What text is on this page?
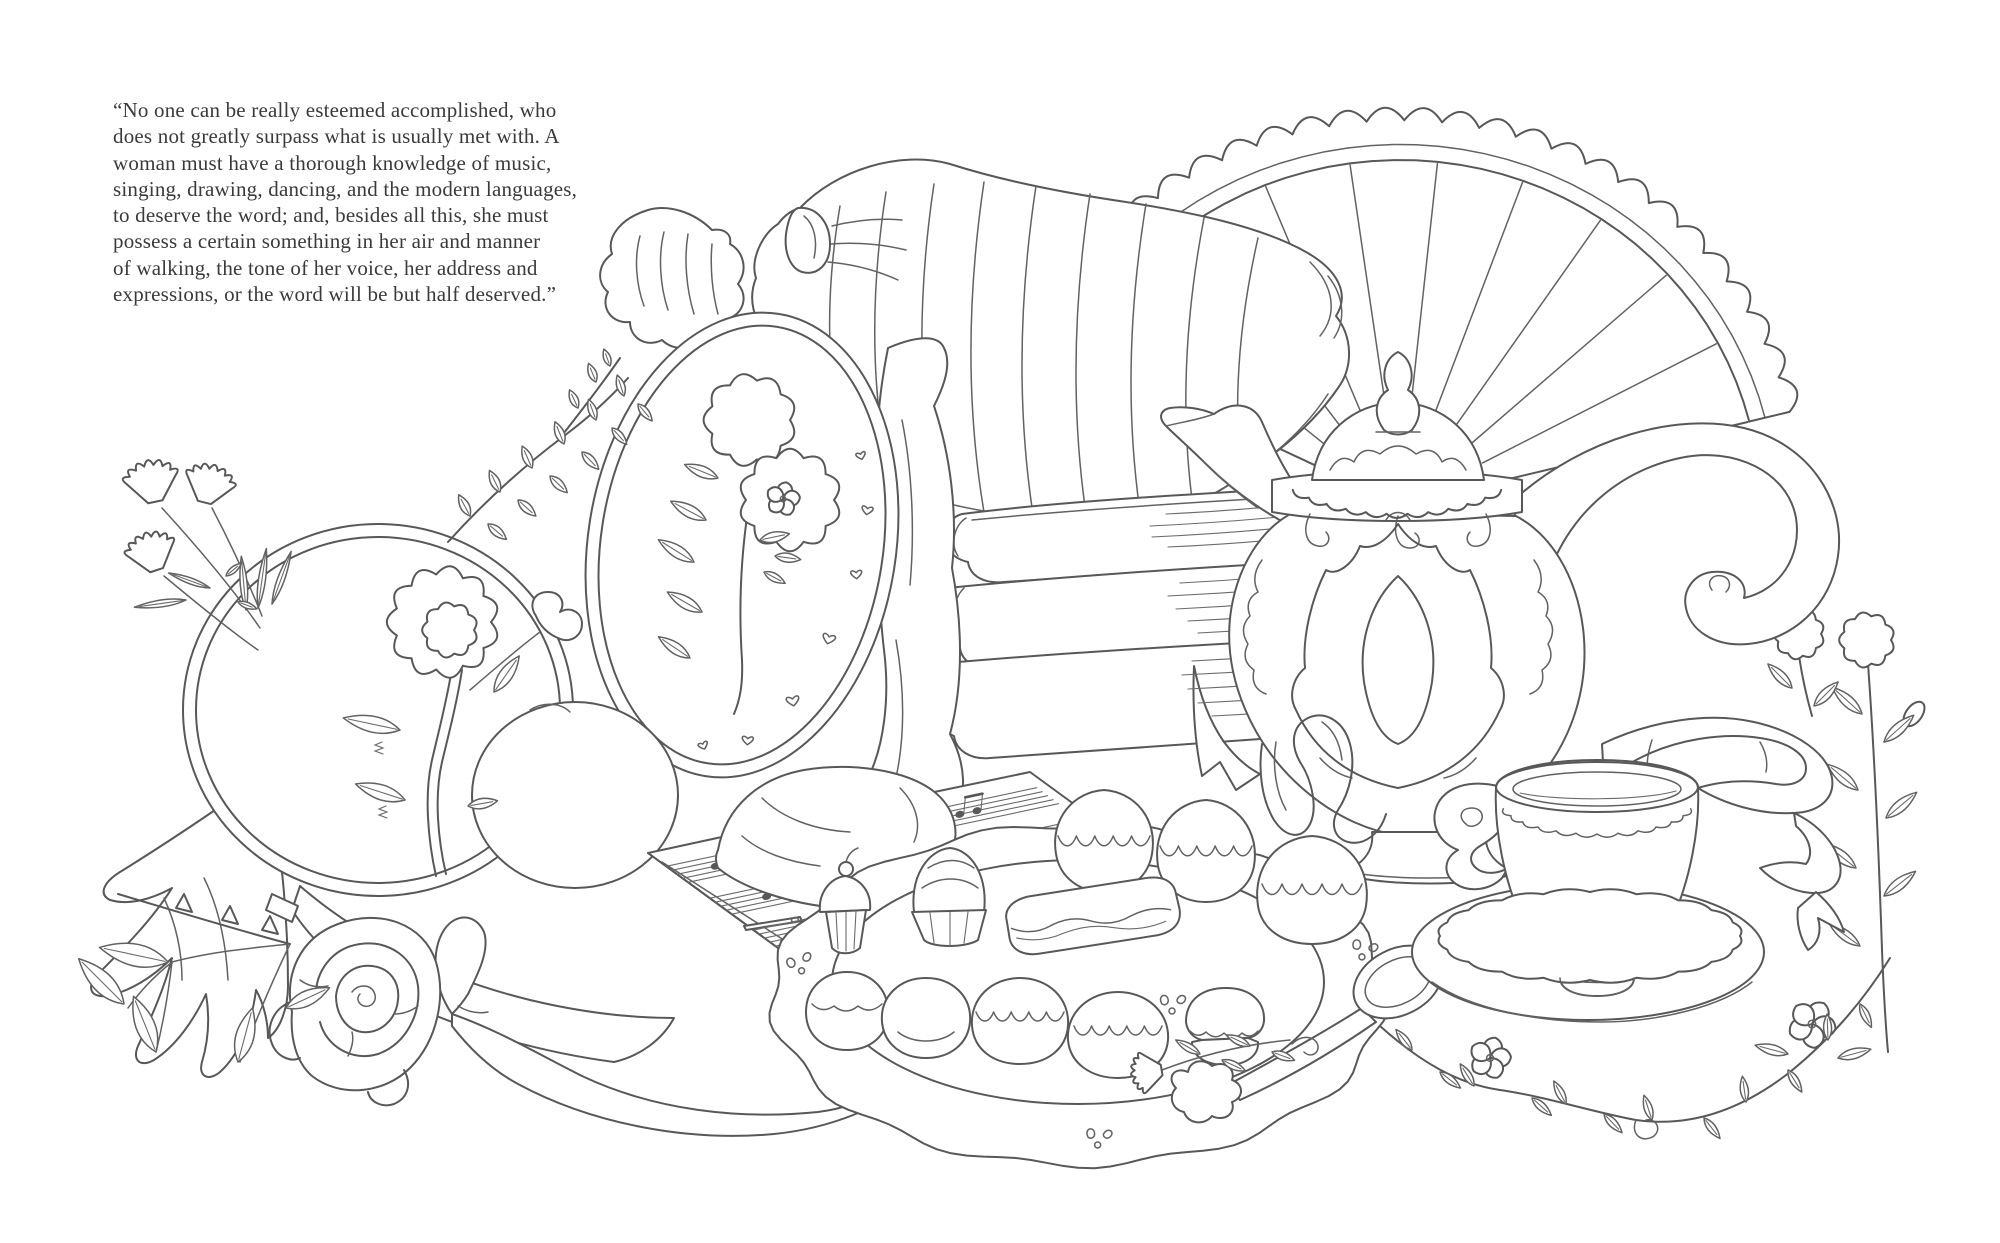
“No one can be really esteemed accomplished, who
does not greatly surpass what is usually met with. A
woman must have a thorough knowledge of music,
singing, drawing, dancing, and the modern languages,
to deserve the word; and, besides all this, she must
possess a certain something in her air and manner
of walking, the tone of her voice, her address and
expressions, or the word will be but half deserved.”
